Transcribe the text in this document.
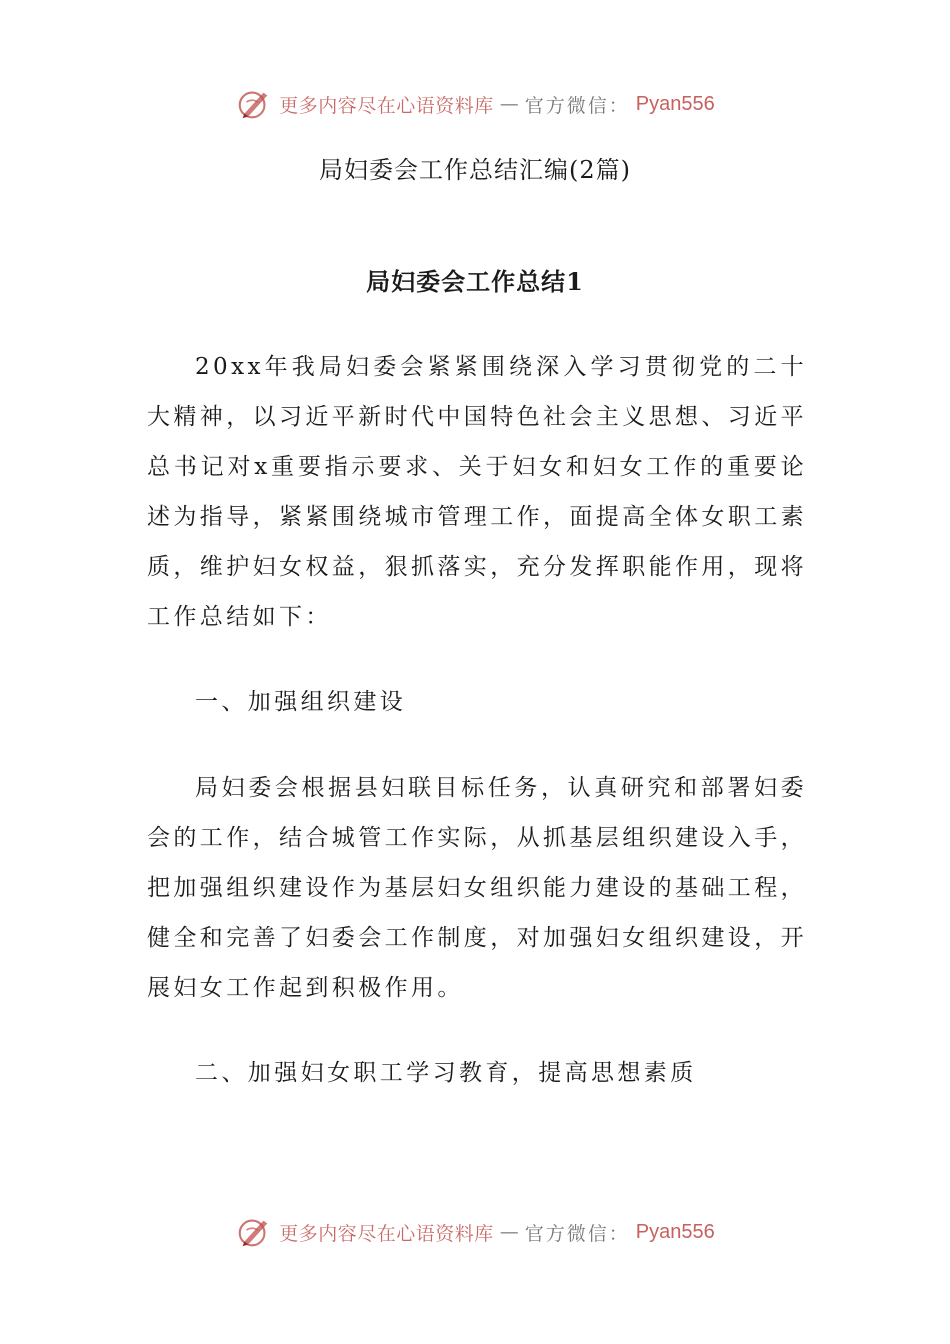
更多内容尽在心语资料库 — 官方微信： Pyan556
局妇委会工作总结汇编(2篇)
局妇委会工作总结1

20xx年我局妇委会紧紧围绕深入学习贯彻党的二十大精神，以习近平新时代中国特色社会主义思想、习近平总书记对x重要指示要求、关于妇女和妇女工作的重要论述为指导，紧紧围绕城市管理工作，面提高全体女职工素质，维护妇女权益，狠抓落实，充分发挥职能作用，现将工作总结如下：

一、加强组织建设

局妇委会根据县妇联目标任务，认真研究和部署妇委会的工作，结合城管工作实际，从抓基层组织建设入手，把加强组织建设作为基层妇女组织能力建设的基础工程，健全和完善了妇委会工作制度，对加强妇女组织建设，开展妇女工作起到积极作用。

二、加强妇女职工学习教育，提高思想素质

更多内容尽在心语资料库 — 官方微信： Pyan556
